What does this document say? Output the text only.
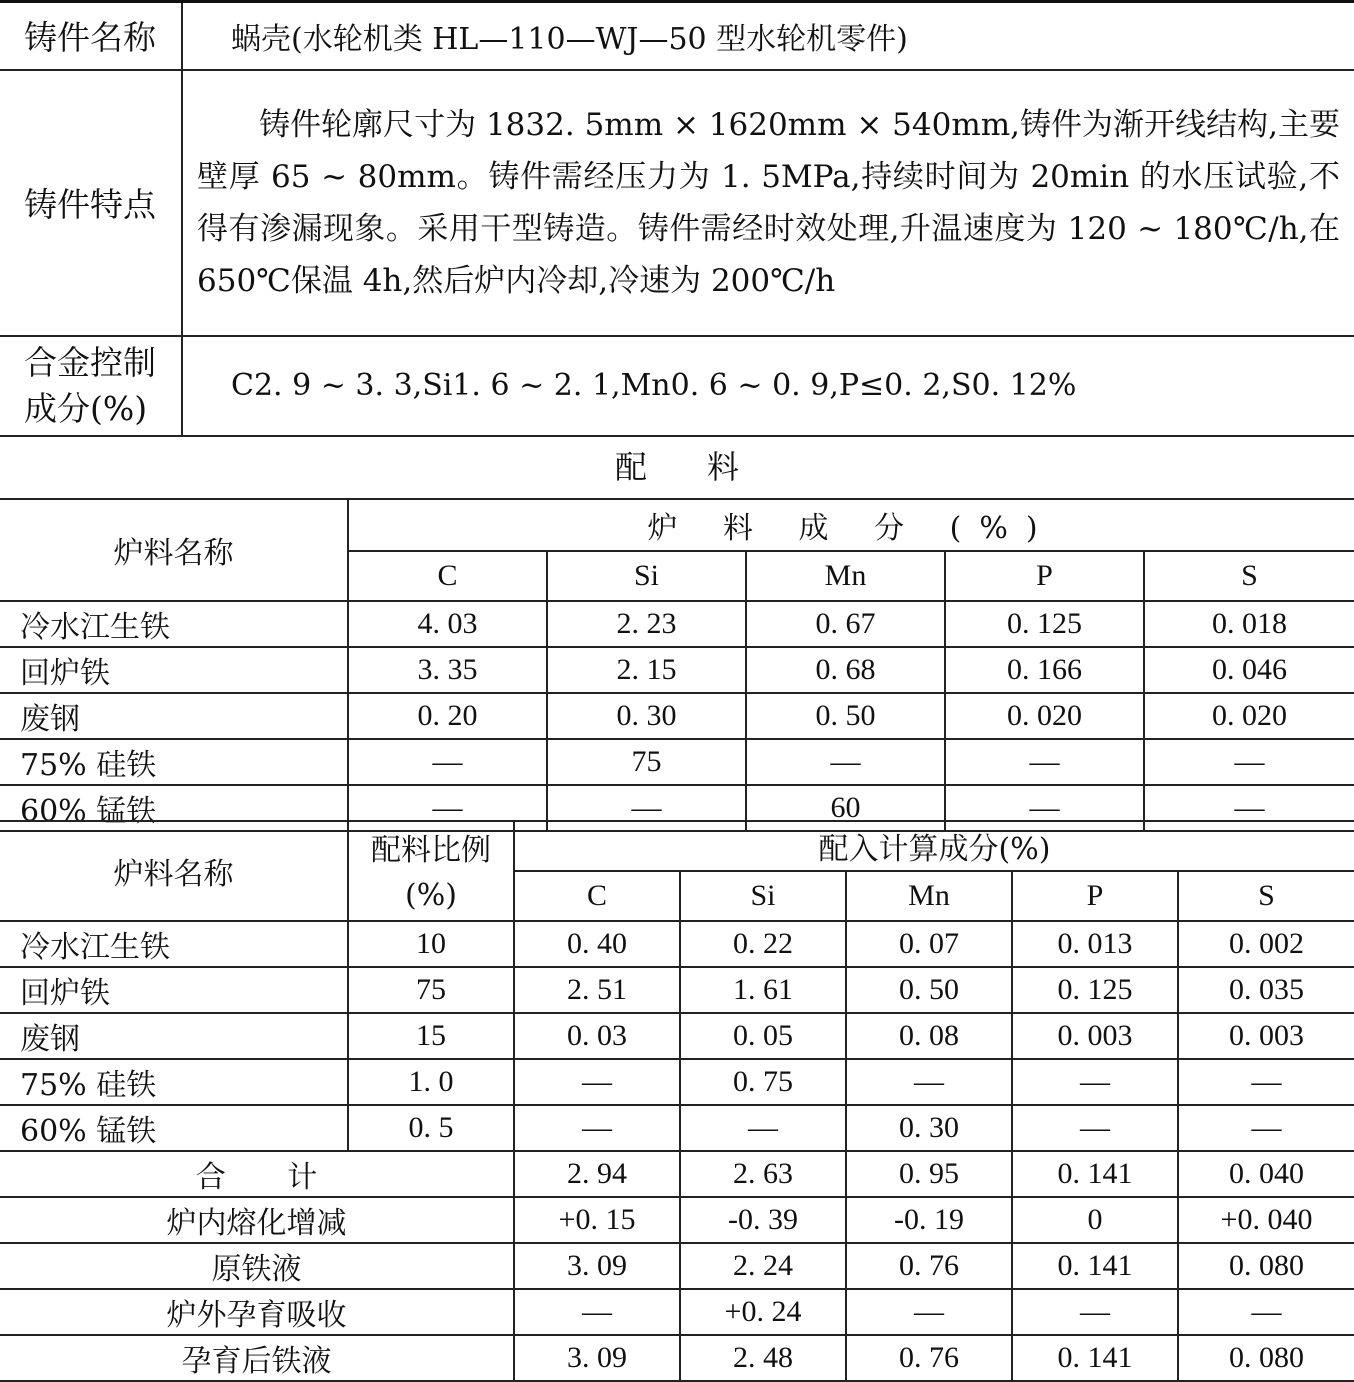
铸件名称	蜗壳(水轮机类 HL—110—WJ—50 型水轮机零件)
铸件特点	铸件轮廓尺寸为 1832. 5mm × 1620mm × 540mm,铸件为渐开线结构,主要壁厚 65 ~ 80mm。铸件需经压力为 1. 5MPa,持续时间为 20min 的水压试验,不得有渗漏现象。采用干型铸造。铸件需经时效处理,升温速度为 120 ~ 180℃/h,在 650℃保温 4h,然后炉内冷却,冷速为 200℃/h

合金控制
成分(%)	C2. 9 ~ 3. 3,Si1. 6 ~ 2. 1,Mn0. 6 ~ 0. 9,P≤0. 2,S0. 12%
配料
炉料名称	炉 料 成 分 (%)				
	C	Si	Mn	P	S
冷水江生铁	4. 03	2. 23	0. 67	0. 125	0. 018
回炉铁	3. 35	2. 15	0. 68	0. 166	0. 046
废钢	0. 20	0. 30	0. 50	0. 020	0. 020
75% 硅铁	—	75	—	—	—
60% 锰铁	—	—	60	—	—
炉料名称	配料比例	配入计算成分(%)				
	(%)	C	Si	Mn	P	S
冷水江生铁	10	0. 40	0. 22	0. 07	0. 013	0. 002
回炉铁	75	2. 51	1. 61	0. 50	0. 125	0. 035
废钢	15	0. 03	0. 05	0. 08	0. 003	0. 003
75% 硅铁	1. 0	—	0. 75	—	—	—
60% 锰铁	0. 5	—	—	0. 30	—	—
合 计		2. 94	2. 63	0. 95	0. 141	0. 040
炉内熔化增减		+0. 15	-0. 39	-0. 19	0	+0. 040
原铁液		3. 09	2. 24	0. 76	0. 141	0. 080
炉外孕育吸收		—	+0. 24	—	—	—
孕育后铁液		3. 09	2. 48	0. 76	0. 141	0. 080
